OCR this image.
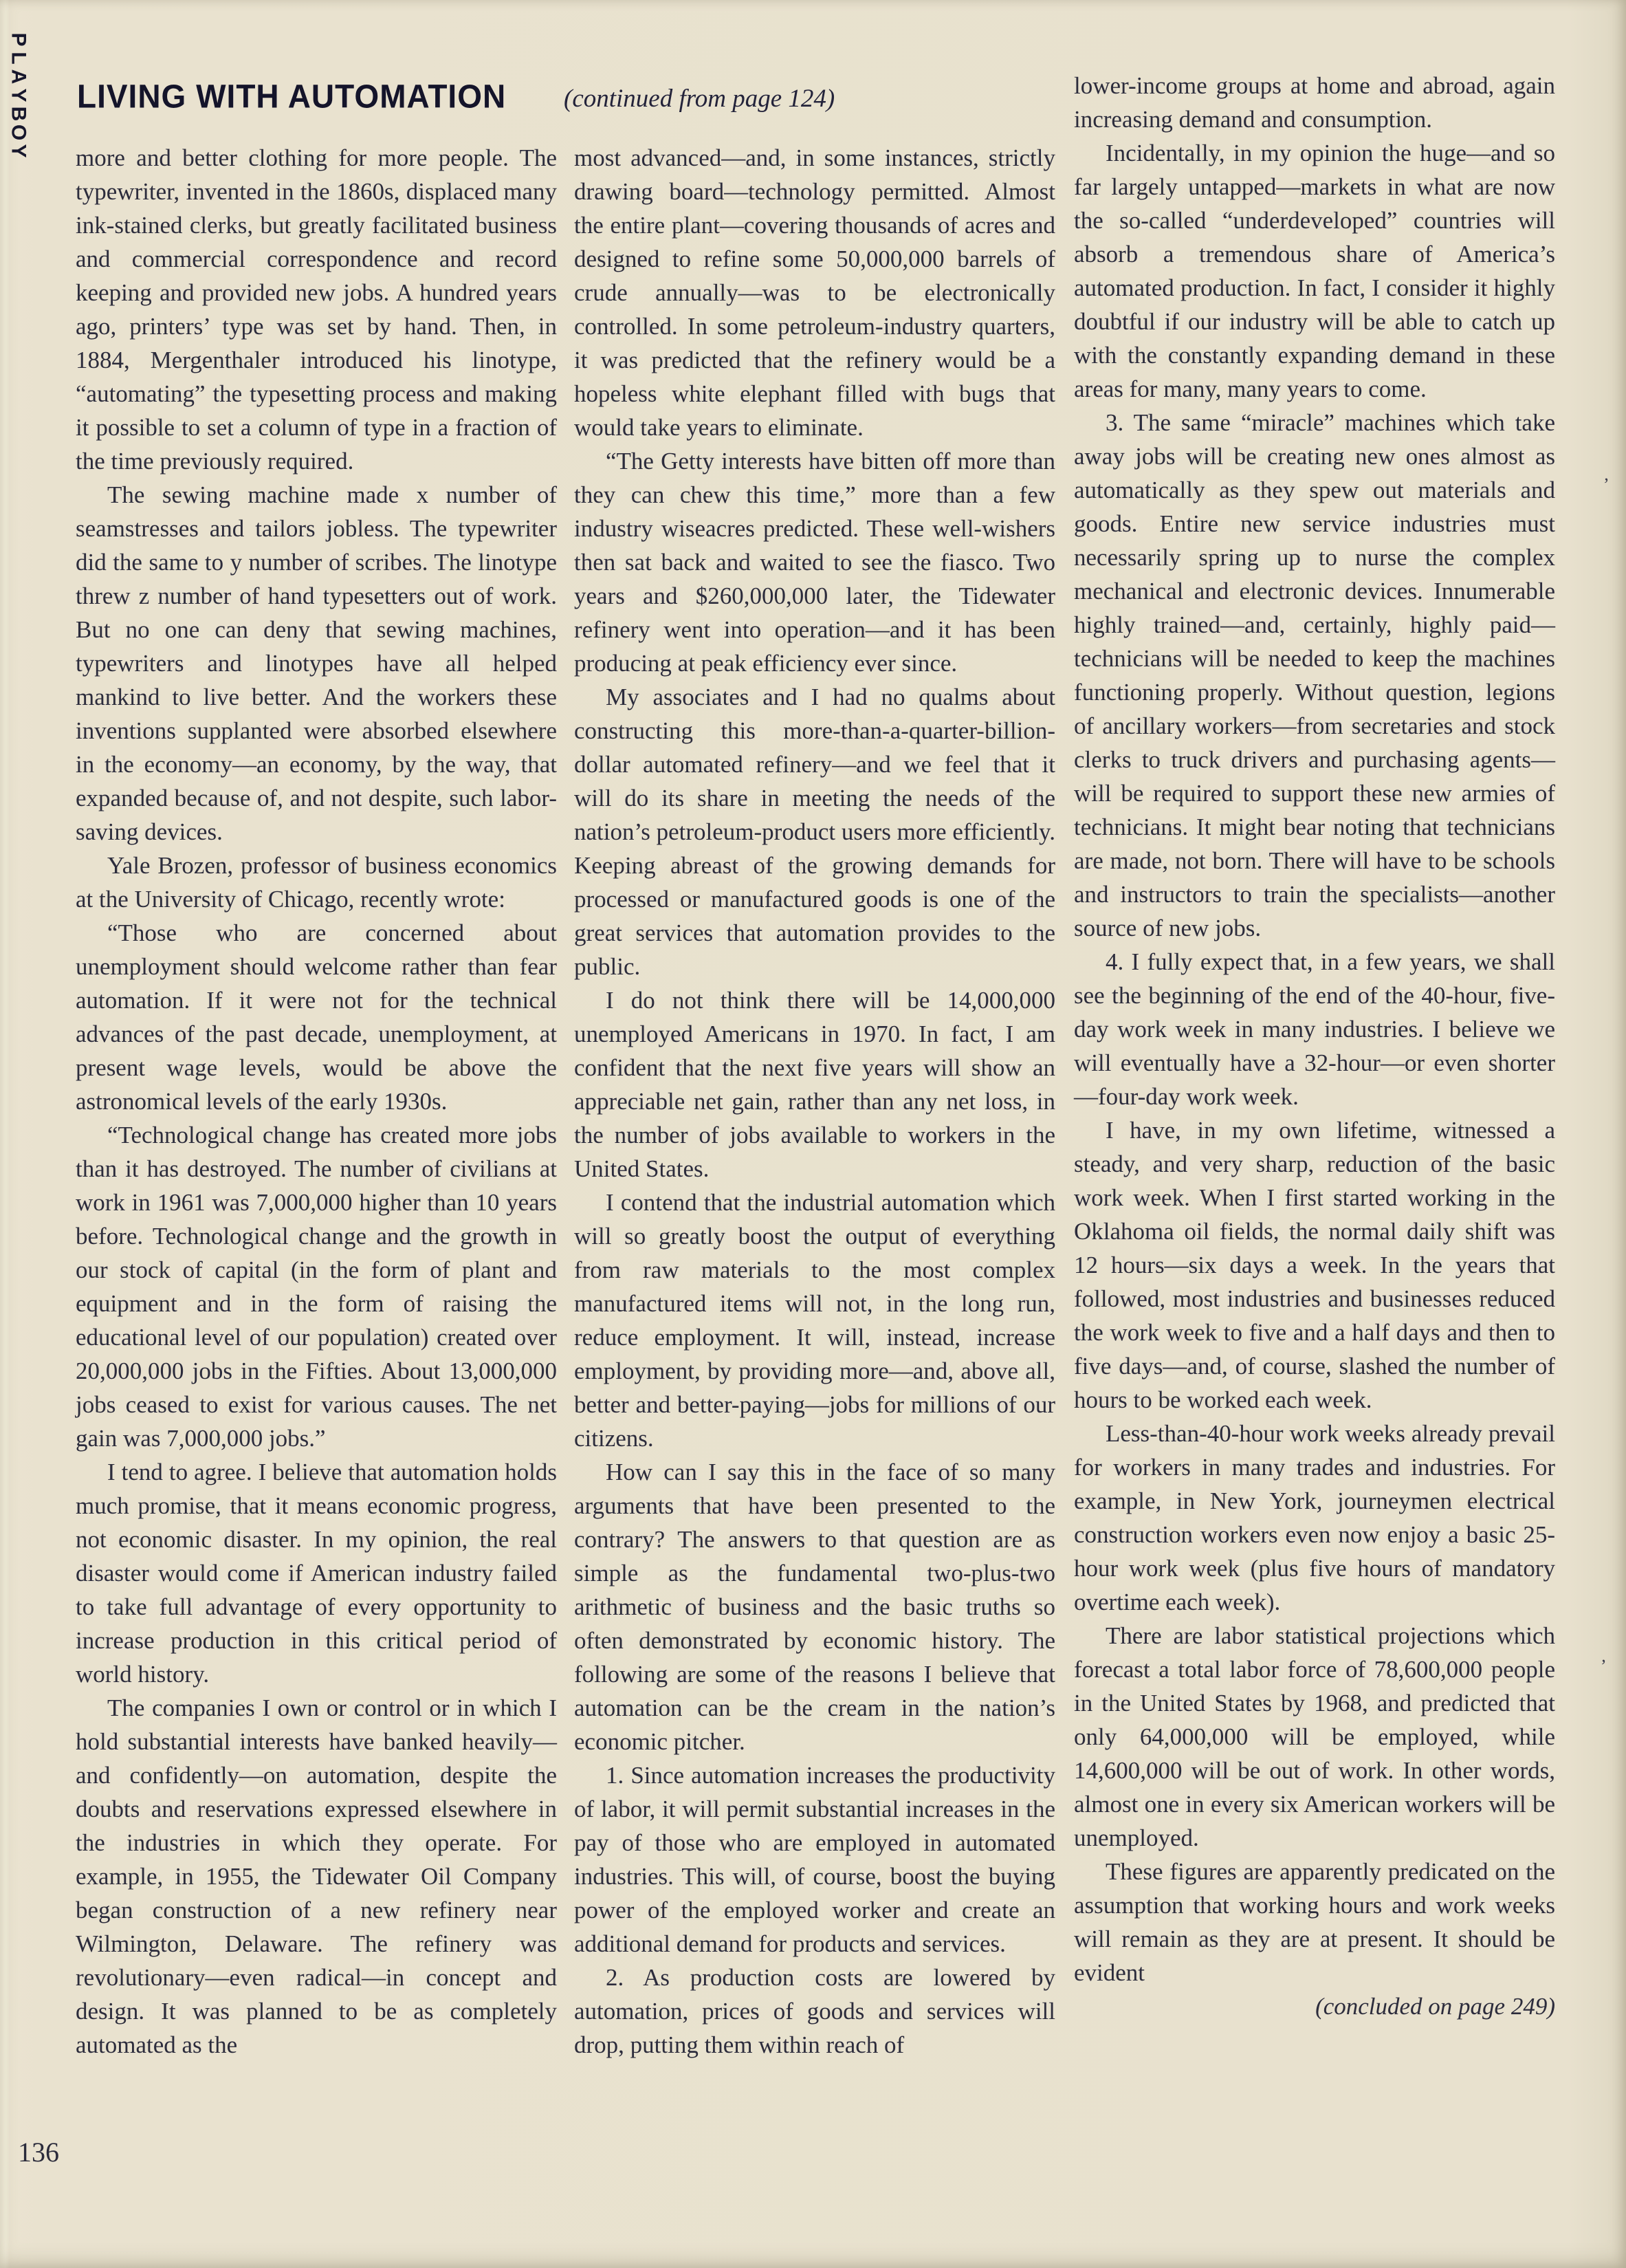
P
L
A
Y
B
O
Y
LIVING WITH AUTOMATION (continued from page 124)

more and better clothing for more people. The typewriter, invented in the 1860s, displaced many ink-stained clerks, but greatly facilitated business and commercial correspondence and record keeping and provided new jobs. A hundred years ago, printers’ type was set by hand. Then, in 1884, Mergenthaler introduced his linotype, “automating” the typesetting process and making it possible to set a column of type in a fraction of the time previously required.

The sewing machine made x number of seamstresses and tailors jobless. The typewriter did the same to y number of scribes. The linotype threw z number of hand typesetters out of work. But no one can deny that sewing machines, typewriters and linotypes have all helped mankind to live better. And the workers these inventions supplanted were absorbed elsewhere in the economy—an economy, by the way, that expanded because of, and not despite, such labor-saving devices.

Yale Brozen, professor of business economics at the University of Chicago, recently wrote:

“Those who are concerned about unemployment should welcome rather than fear automation. If it were not for the technical advances of the past decade, unemployment, at present wage levels, would be above the astronomical levels of the early 1930s.

“Technological change has created more jobs than it has destroyed. The number of civilians at work in 1961 was 7,000,000 higher than 10 years before. Technological change and the growth in our stock of capital (in the form of plant and equipment and in the form of raising the educational level of our population) created over 20,000,000 jobs in the Fifties. About 13,000,000 jobs ceased to exist for various causes. The net gain was 7,000,000 jobs.”

I tend to agree. I believe that automation holds much promise, that it means economic progress, not economic disaster. In my opinion, the real disaster would come if American industry failed to take full advantage of every opportunity to increase production in this critical period of world history.

The companies I own or control or in which I hold substantial interests have banked heavily—and confidently—on automation, despite the doubts and reservations expressed elsewhere in the industries in which they operate. For example, in 1955, the Tidewater Oil Company began construction of a new refinery near Wilmington, Delaware. The refinery was revolutionary—even radical—in concept and design. It was planned to be as completely automated as the

most advanced—and, in some instances, strictly drawing board—technology permitted. Almost the entire plant—covering thousands of acres and designed to refine some 50,000,000 barrels of crude annually—was to be electronically controlled. In some petroleum-industry quarters, it was predicted that the refinery would be a hopeless white elephant filled with bugs that would take years to eliminate.

“The Getty interests have bitten off more than they can chew this time,” more than a few industry wiseacres predicted. These well-wishers then sat back and waited to see the fiasco. Two years and $260,000,000 later, the Tidewater refinery went into operation—and it has been producing at peak efficiency ever since.

My associates and I had no qualms about constructing this more-than-a-quarter-billion-dollar automated refinery—and we feel that it will do its share in meeting the needs of the nation’s petroleum-product users more efficiently. Keeping abreast of the growing demands for processed or manufactured goods is one of the great services that automation provides to the public.

I do not think there will be 14,000,000 unemployed Americans in 1970. In fact, I am confident that the next five years will show an appreciable net gain, rather than any net loss, in the number of jobs available to workers in the United States.

I contend that the industrial automation which will so greatly boost the output of everything from raw materials to the most complex manufactured items will not, in the long run, reduce employment. It will, instead, increase employment, by providing more—and, above all, better and better-paying—jobs for millions of our citizens.

How can I say this in the face of so many arguments that have been presented to the contrary? The answers to that question are as simple as the fundamental two-plus-two arithmetic of business and the basic truths so often demonstrated by economic history. The following are some of the reasons I believe that automation can be the cream in the nation’s economic pitcher.

1. Since automation increases the productivity of labor, it will permit substantial increases in the pay of those who are employed in automated industries. This will, of course, boost the buying power of the employed worker and create an additional demand for products and services.

2. As production costs are lowered by automation, prices of goods and services will drop, putting them within reach of

lower-income groups at home and abroad, again increasing demand and consumption.

Incidentally, in my opinion the huge—and so far largely untapped—markets in what are now the so-called “underdeveloped” countries will absorb a tremendous share of America’s automated production. In fact, I consider it highly doubtful if our industry will be able to catch up with the constantly expanding demand in these areas for many, many years to come.

3. The same “miracle” machines which take away jobs will be creating new ones almost as automatically as they spew out materials and goods. Entire new service industries must necessarily spring up to nurse the complex mechanical and electronic devices. Innumerable highly trained—and, certainly, highly paid—technicians will be needed to keep the machines functioning properly. Without question, legions of ancillary workers—from secretaries and stock clerks to truck drivers and purchasing agents—will be required to support these new armies of technicians. It might bear noting that technicians are made, not born. There will have to be schools and instructors to train the specialists—another source of new jobs.

4. I fully expect that, in a few years, we shall see the beginning of the end of the 40-hour, five-day work week in many industries. I believe we will eventually have a 32-hour—or even shorter—four-day work week.

I have, in my own lifetime, witnessed a steady, and very sharp, reduction of the basic work week. When I first started working in the Oklahoma oil fields, the normal daily shift was 12 hours—six days a week. In the years that followed, most industries and businesses reduced the work week to five and a half days and then to five days—and, of course, slashed the number of hours to be worked each week.

Less-than-40-hour work weeks already prevail for workers in many trades and industries. For example, in New York, journeymen electrical construction workers even now enjoy a basic 25-hour work week (plus five hours of mandatory overtime each week).

There are labor statistical projections which forecast a total labor force of 78,600,000 people in the United States by 1968, and predicted that only 64,000,000 will be employed, while 14,600,000 will be out of work. In other words, almost one in every six American workers will be unemployed.

These figures are apparently predicated on the assumption that working hours and work weeks will remain as they are at present. It should be evident

(concluded on page 249)

136
’
’
